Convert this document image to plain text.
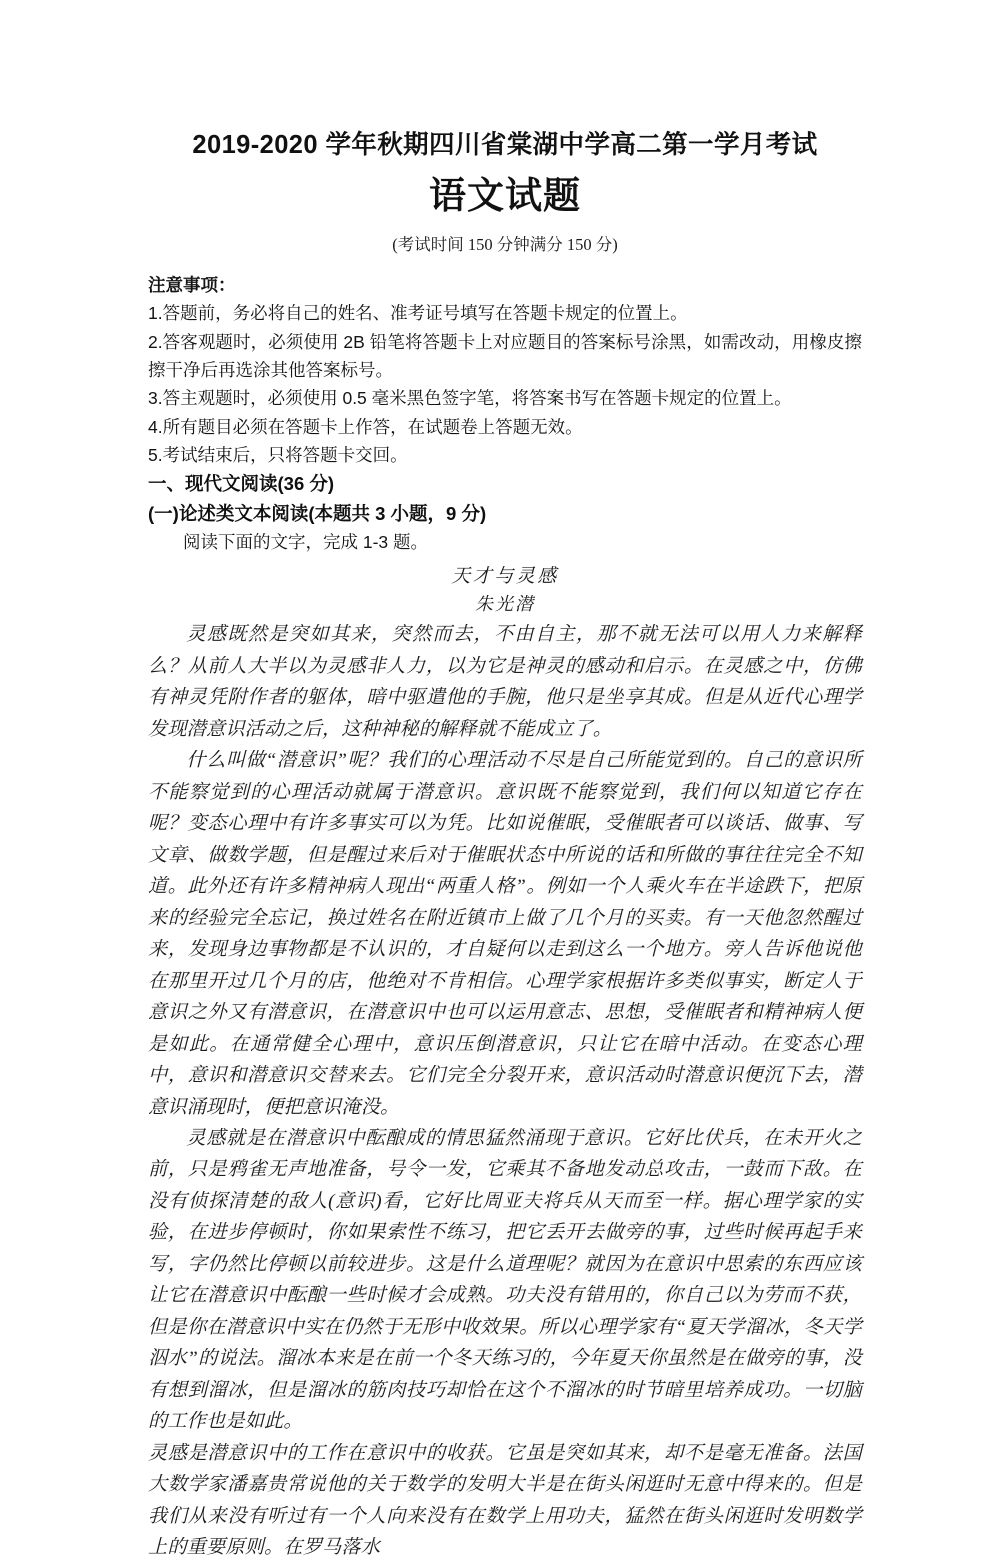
2019-2020 学年秋期四川省棠湖中学高二第一学月考试
语文试题

(考试时间 150 分钟满分 150 分)

注意事项：

1.答题前，务必将自己的姓名、准考证号填写在答题卡规定的位置上。

2.答客观题时，必须使用 2B 铅笔将答题卡上对应题目的答案标号涂黑，如需改动，用橡皮擦擦干净后再选涂其他答案标号。

3.答主观题时，必须使用 0.5 毫米黑色签字笔，将答案书写在答题卡规定的位置上。

4.所有题目必须在答题卡上作答，在试题卷上答题无效。

5.考试结束后，只将答题卡交回。

一、现代文阅读(36 分)

(一)论述类文本阅读(本题共 3 小题，9 分)

阅读下面的文字，完成 1-3 题。

天才与灵感

朱光潜

灵感既然是突如其来，突然而去，不由自主，那不就无法可以用人力来解释么？从前人大半以为灵感非人力，以为它是神灵的感动和启示。在灵感之中，仿佛有神灵凭附作者的躯体，暗中驱遣他的手腕，他只是坐享其成。但是从近代心理学发现潜意识活动之后，这种神秘的解释就不能成立了。

什么叫做“潜意识”呢？我们的心理活动不尽是自己所能觉到的。自己的意识所不能察觉到的心理活动就属于潜意识。意识既不能察觉到，我们何以知道它存在呢？变态心理中有许多事实可以为凭。比如说催眠，受催眠者可以谈话、做事、写文章、做数学题，但是醒过来后对于催眠状态中所说的话和所做的事往往完全不知道。此外还有许多精神病人现出“两重人格”。例如一个人乘火车在半途跌下，把原来的经验完全忘记，换过姓名在附近镇市上做了几个月的买卖。有一天他忽然醒过来，发现身边事物都是不认识的，才自疑何以走到这么一个地方。旁人告诉他说他在那里开过几个月的店，他绝对不肯相信。心理学家根据许多类似事实，断定人于意识之外又有潜意识，在潜意识中也可以运用意志、思想，受催眠者和精神病人便是如此。在通常健全心理中，意识压倒潜意识，只让它在暗中活动。在变态心理中，意识和潜意识交替来去。它们完全分裂开来，意识活动时潜意识便沉下去，潜意识涌现时，便把意识淹没。

灵感就是在潜意识中酝酿成的情思猛然涌现于意识。它好比伏兵，在未开火之前，只是鸦雀无声地准备，号令一发，它乘其不备地发动总攻击，一鼓而下敌。在没有侦探清楚的敌人(意识)看，它好比周亚夫将兵从天而至一样。据心理学家的实验，在进步停顿时，你如果索性不练习，把它丢开去做旁的事，过些时候再起手来写，字仍然比停顿以前较进步。这是什么道理呢？就因为在意识中思索的东西应该让它在潜意识中酝酿一些时候才会成熟。功夫没有错用的，你自己以为劳而不获，但是你在潜意识中实在仍然于无形中收效果。所以心理学家有“夏天学溜冰，冬天学泅水”的说法。溜冰本来是在前一个冬天练习的，今年夏天你虽然是在做旁的事，没有想到溜冰，但是溜冰的筋肉技巧却恰在这个不溜冰的时节暗里培养成功。一切脑的工作也是如此。

灵感是潜意识中的工作在意识中的收获。它虽是突如其来，却不是毫无准备。法国大数学家潘嘉贵常说他的关于数学的发明大半是在街头闲逛时无意中得来的。但是我们从来没有听过有一个人向来没有在数学上用功夫，猛然在街头闲逛时发明数学上的重要原则。在罗马落水
